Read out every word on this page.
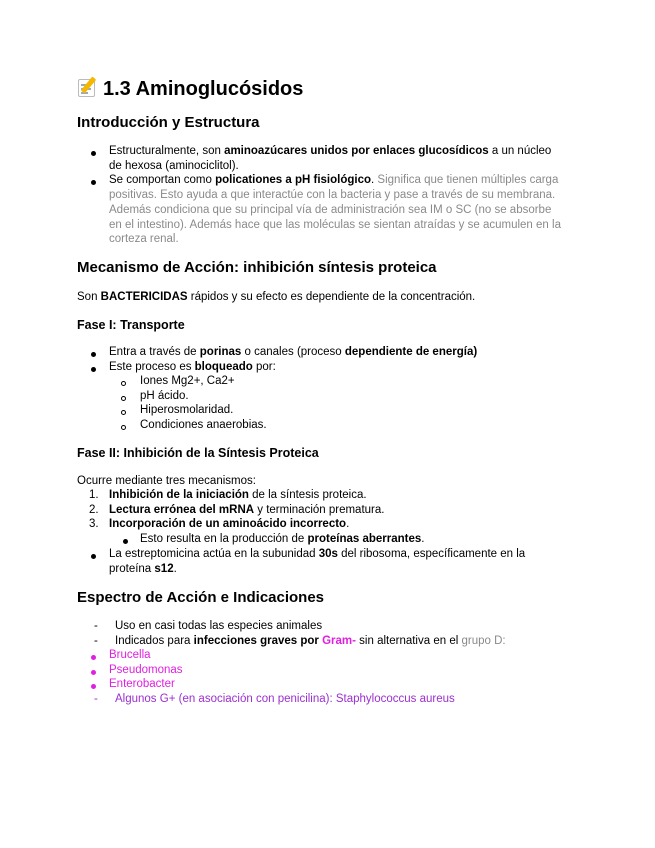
1.3 Aminoglucósidos
Introducción y Estructura
Estructuralmente, son aminoazúcares unidos por enlaces glucosídicos a un núcleo
de hexosa (aminociclitol).
Se comportan como policationes a pH fisiológico. Significa que tienen múltiples carga
positivas. Esto ayuda a que interactúe con la bacteria y pase a través de su membrana.
Además condiciona que su principal vía de administración sea IM o SC (no se absorbe
en el intestino). Además hace que las moléculas se sientan atraídas y se acumulen en la
corteza renal.
Mecanismo de Acción: inhibición síntesis proteica
Son BACTERICIDAS rápidos y su efecto es dependiente de la concentración.
Fase I: Transporte
Entra a través de porinas o canales (proceso dependiente de energía)
Este proceso es bloqueado por:
Iones Mg2+, Ca2+
pH ácido.
Hiperosmolaridad.
Condiciones anaerobias.
Fase II: Inhibición de la Síntesis Proteica
Ocurre mediante tres mecanismos:
1. Inhibición de la iniciación de la síntesis proteica.
2. Lectura errónea del mRNA y terminación prematura.
3. Incorporación de un aminoácido incorrecto.
Esto resulta en la producción de proteínas aberrantes.
La estreptomicina actúa en la subunidad 30s del ribosoma, específicamente en la
proteína s12.
Espectro de Acción e Indicaciones
- Uso en casi todas las especies animales
- Indicados para infecciones graves por Gram- sin alternativa en el grupo D:
Brucella
Pseudomonas
Enterobacter
- Algunos G+ (en asociación con penicilina): Staphylococcus aureus
